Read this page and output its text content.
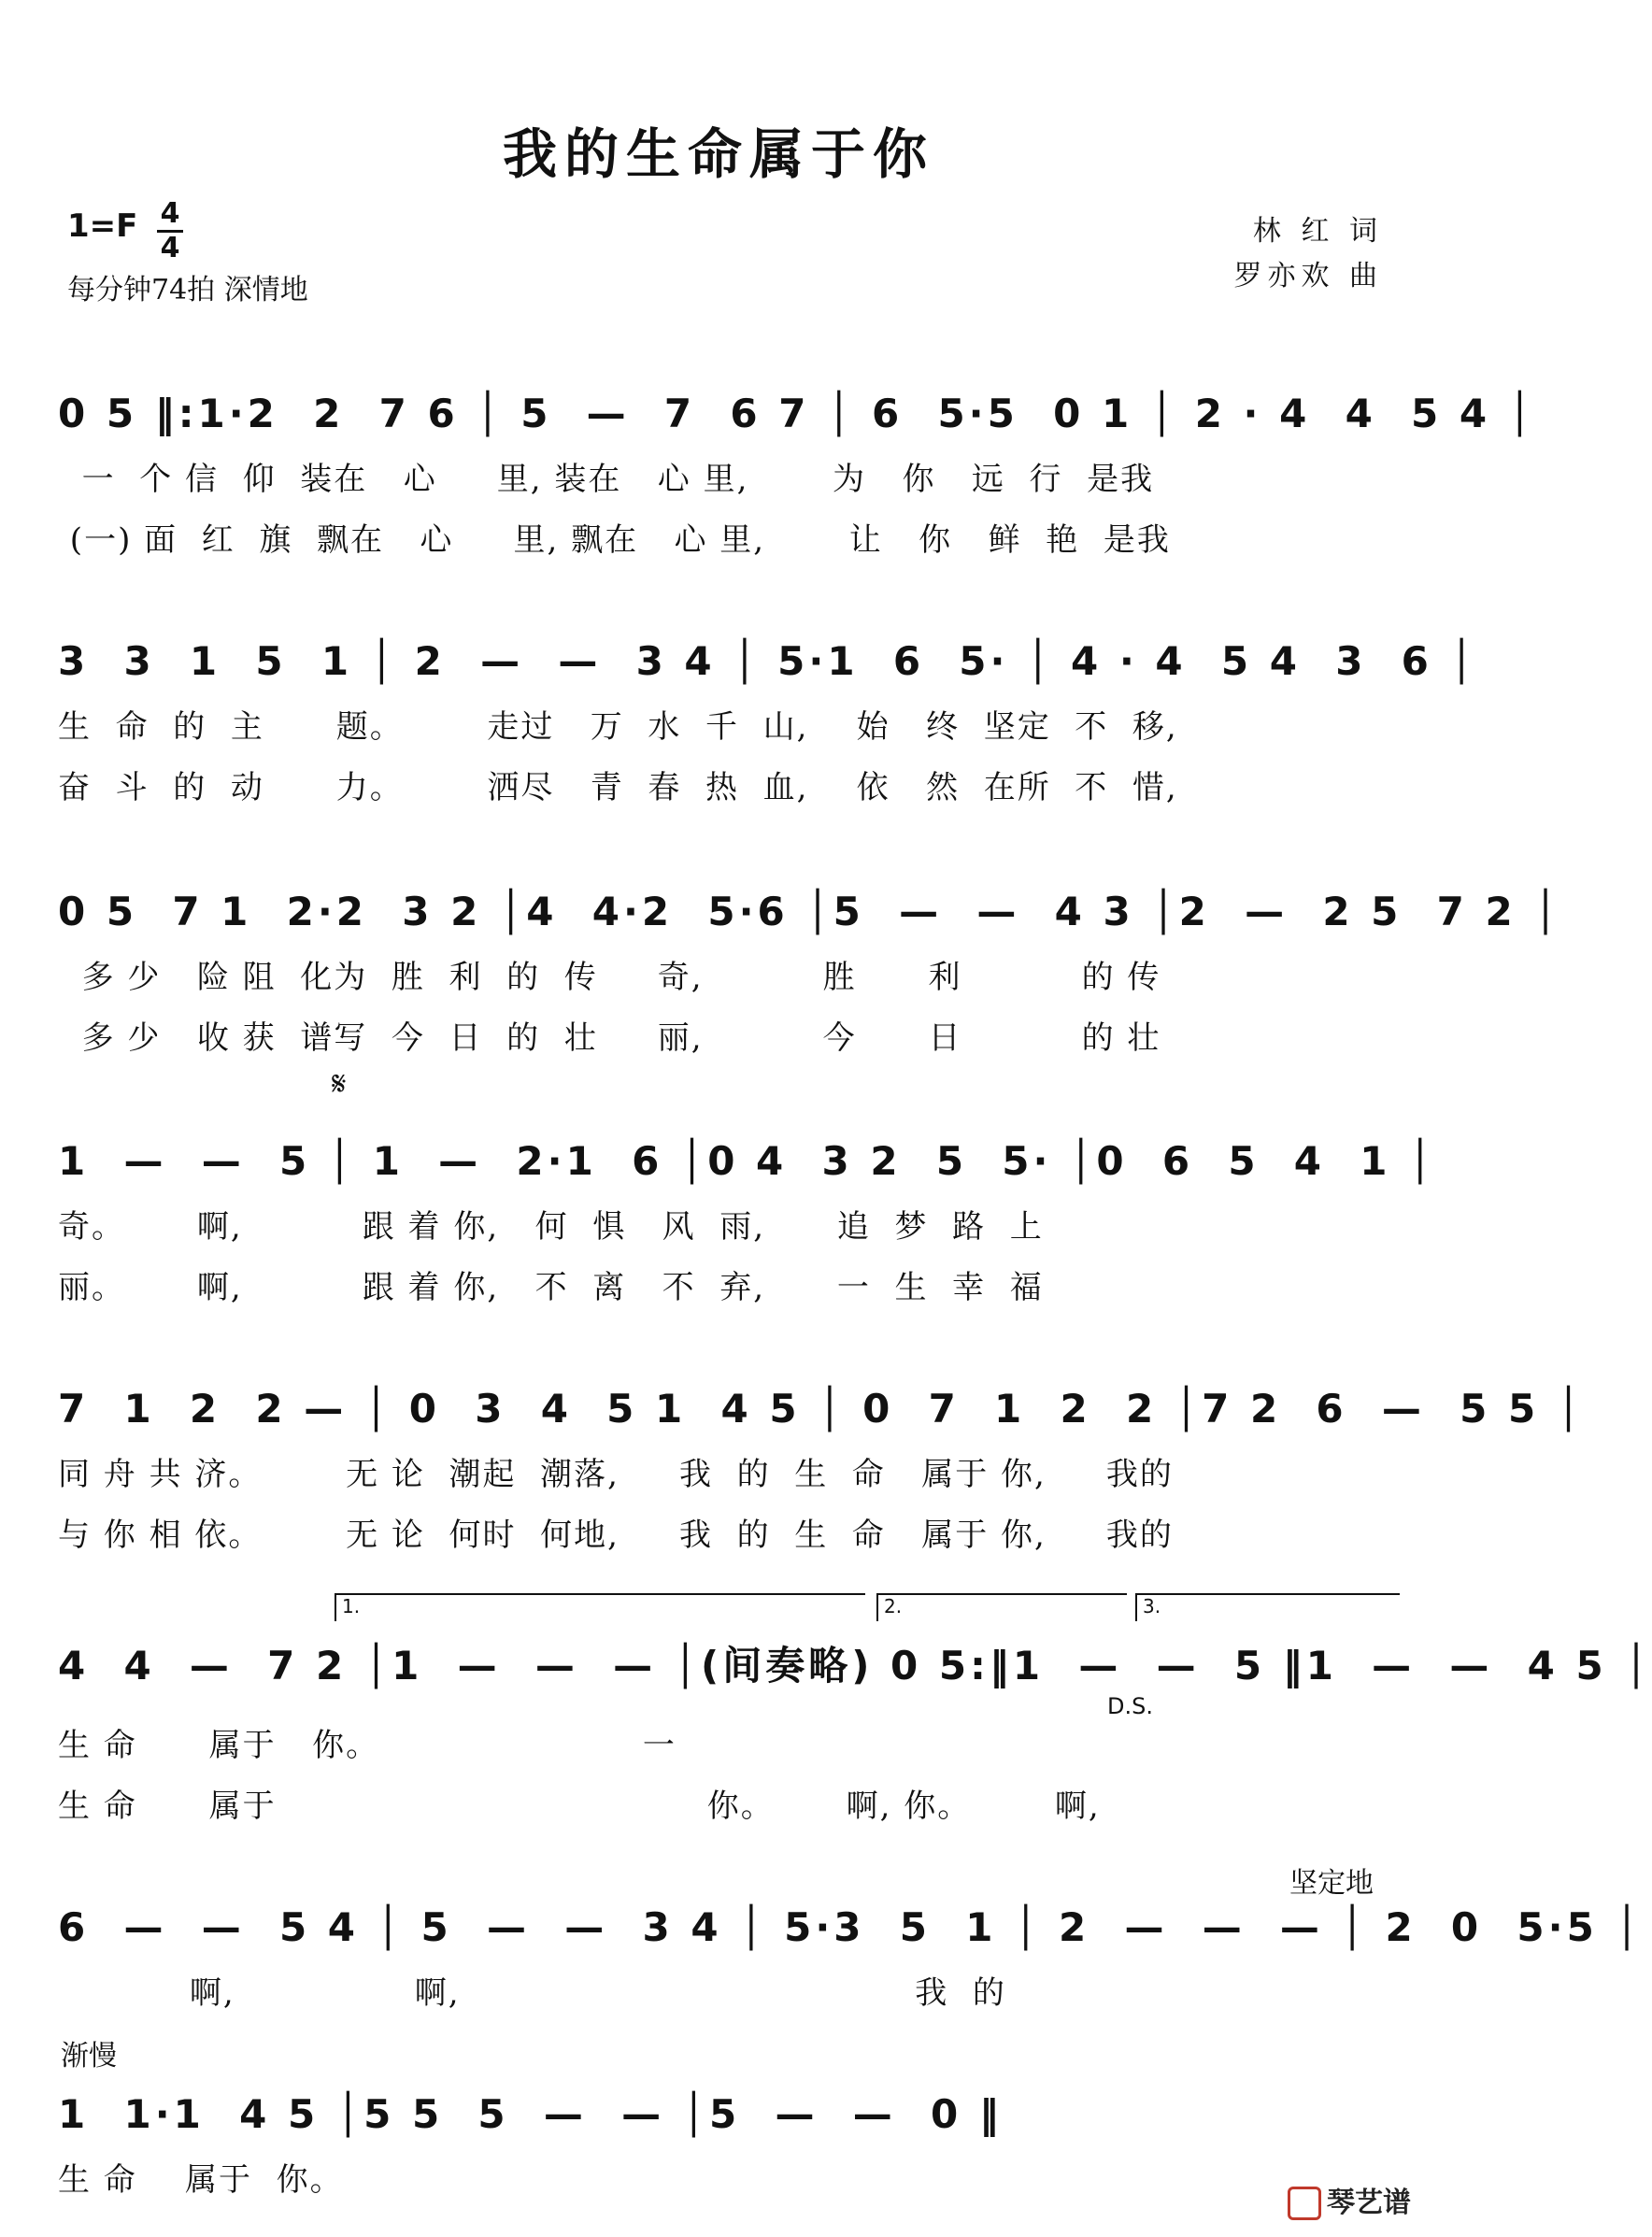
我的生命属于你
1=F 4
4
每分钟74拍 深情地
林 红 词
罗亦欢 曲
0 5 ‖:1·2  2  7 6 │ 5  —  7  6 7 │ 6  5·5  0 1 │ 2 · 4  4  5 4 │
一  个 信  仰  装在   心     里, 装在   心 里,       为   你   远  行  是我
(一) 面  红  旗  飘在   心     里, 飘在   心 里,       让   你   鲜  艳  是我
3  3  1  5  1 │ 2  —  —  3 4 │ 5·1  6  5· │ 4 · 4  5 4  3  6 │
生  命  的  主      题。       走过   万  水  千  山,    始   终  坚定  不  移,
奋  斗  的  动      力。       洒尽   青  春  热  血,    依   然  在所  不  惜,
0 5  7 1  2·2  3 2 │4  4·2  5·6 │5  —  —  4 3 │2  —  2 5  7 2 │
多 少   险 阻  化为  胜  利  的  传     奇,          胜      利          的 传
多 少   收 获  谱写  今  日  的  壮     丽,          今      日          的 壮
𝄋
1  —  —  5 │ 1  —  2·1  6 │0 4  3 2  5  5· │0  6  5  4  1 │
奇。      啊,          跟 着 你,   何  惧   风  雨,      追  梦  路  上
丽。      啊,          跟 着 你,   不  离   不  弃,      一  生  幸  福
7  1  2  2 — │ 0  3  4  5 1  4 5 │ 0  7  1  2  2 │7 2  6  —  5 5 │
同 舟 共 济。       无 论  潮起  潮落,     我  的  生  命   属于 你,     我的
与 你 相 依。       无 论  何时  何地,     我  的  生  命   属于 你,     我的
1.	2.	3.
4  4  —  7 2 │1  —  —  — │(间奏略) 0 5:‖1  —  —  5 ‖1  —  —  4 5 │
D.S.
生 命      属于   你。                      一
生 命      属于                                    你。      啊, 你。       啊,
坚定地
6  —  —  5 4 │ 5  —  —  3 4 │ 5·3  5  1 │ 2  —  —  — │ 2  0  5·5 │
啊,               啊,                                      我  的
渐慢
1  1·1  4 5 │5 5  5  —  — │5  —  —  0 ‖
生 命    属于  你。
琴艺谱
